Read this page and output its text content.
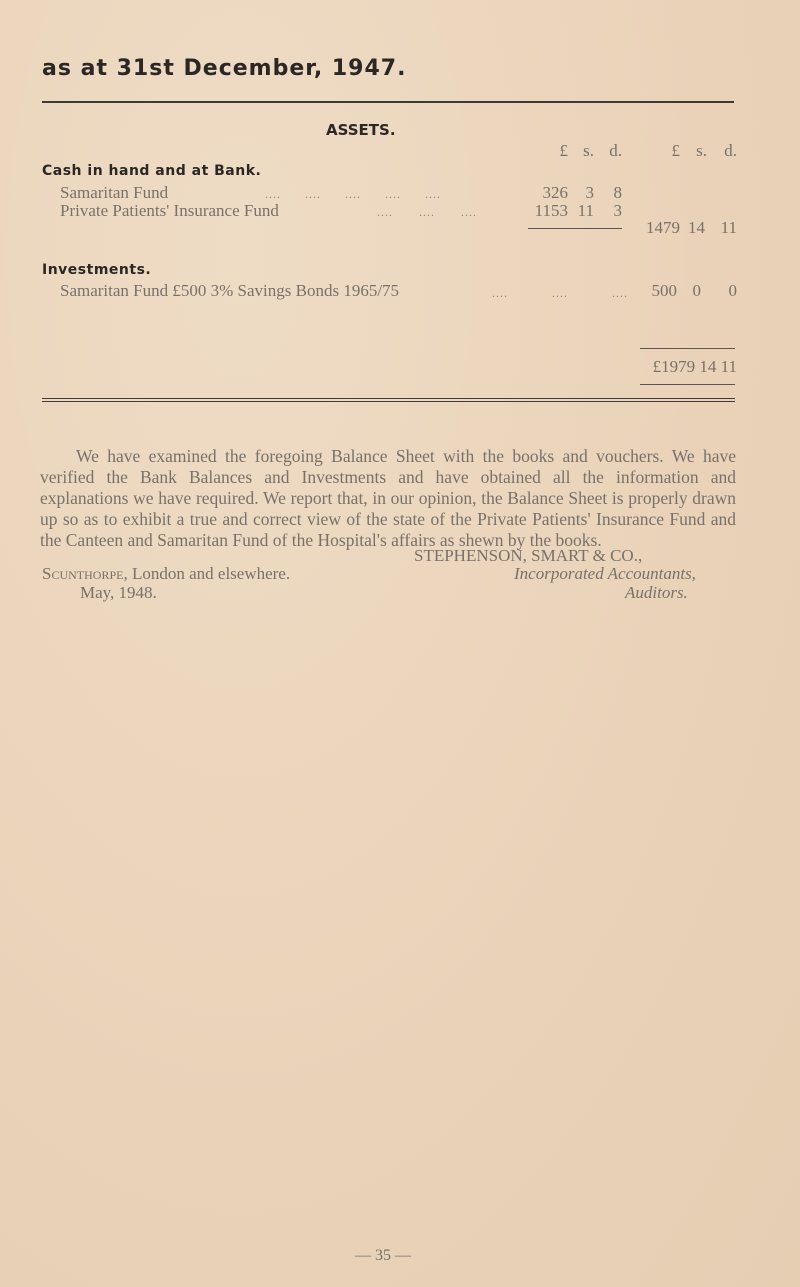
as at 31st December, 1947.
ASSETS.
£ s. d.	£ s.	d.
Cash in hand and at Bank.
Samaritan Fund	.... .... .... .... ....	326	3	8
Private Patients' Insurance Fund	.... .... ....	1153 11	3
1479 14 11
Investments.
Samaritan Fund £500 3% Savings Bonds 1965/75	.... .... ....	500 0	0
£1979 14 11
We have examined the foregoing Balance Sheet with the books and vouchers. We have verified the Bank Balances and Investments and have obtained all the information and explanations we have required. We report that, in our opinion, the Balance Sheet is properly drawn up so as to exhibit a true and correct view of the state of the Private Patients' Insurance Fund and the Canteen and Samaritan Fund of the Hospital's affairs as shewn by the books.
STEPHENSON, SMART & CO.,
Scunthorpe, London and elsewhere.	Incorporated Accountants,
May, 1948.	Auditors.
— 35 —
